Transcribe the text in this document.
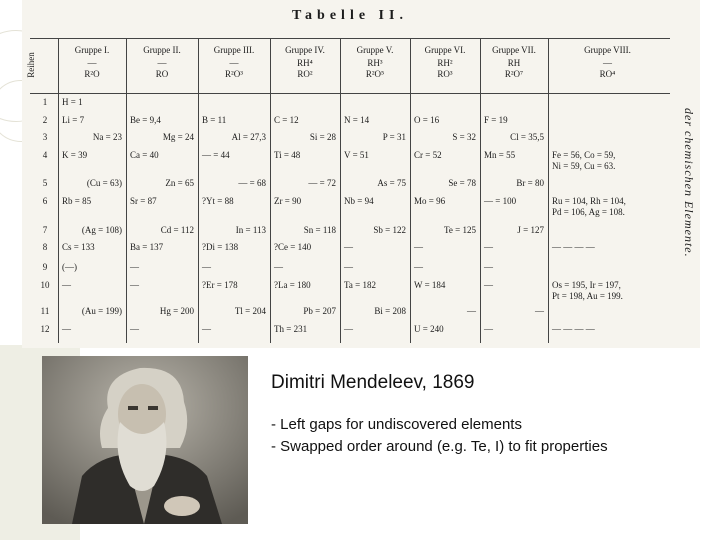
Tabelle II.
Reihen
der chemischen Elemente.
Gruppe I.
—
R²O
Gruppe II.
—
RO
Gruppe III.
—
R²O³
Gruppe IV.
RH⁴
RO²
Gruppe V.
RH³
R²O⁵
Gruppe VI.
RH²
RO³
Gruppe VII.
RH
R²O⁷
Gruppe VIII.
—
RO⁴
1	H = 1
2	Li = 7	Be = 9,4	B = 11	C = 12	N = 14	O = 16	F = 19
3	Na = 23	Mg = 24	Al = 27,3	Si = 28	P = 31	S = 32	Cl = 35,5
4	K = 39	Ca = 40	— = 44	Ti = 48	V = 51	Cr = 52	Mn = 55	Fe = 56, Co = 59,
Ni = 59, Cu = 63.
5	(Cu = 63)	Zn = 65	— = 68	— = 72	As = 75	Se = 78	Br = 80
6	Rb = 85	Sr = 87	?Yt = 88	Zr = 90	Nb = 94	Mo = 96	— = 100	Ru = 104, Rh = 104,
Pd = 106, Ag = 108.
7	(Ag = 108)	Cd = 112	In = 113	Sn = 118	Sb = 122	Te = 125	J = 127
8	Cs = 133	Ba = 137	?Di = 138	?Ce = 140	—	—	—	— — — —
9	(—)	—	—	—	—	—	—
10 —	—	?Er = 178	?La = 180	Ta = 182	W = 184	—	Os = 195, Ir = 197,
Pt = 198, Au = 199.
11	(Au = 199)	Hg = 200	Tl = 204	Pb = 207	Bi = 208	—	—
12 —	—	—	Th = 231	—	U = 240	—	— — — —
Dimitri Mendeleev, 1869
- Left gaps for undiscovered elements
- Swapped order around (e.g. Te, I) to fit properties
